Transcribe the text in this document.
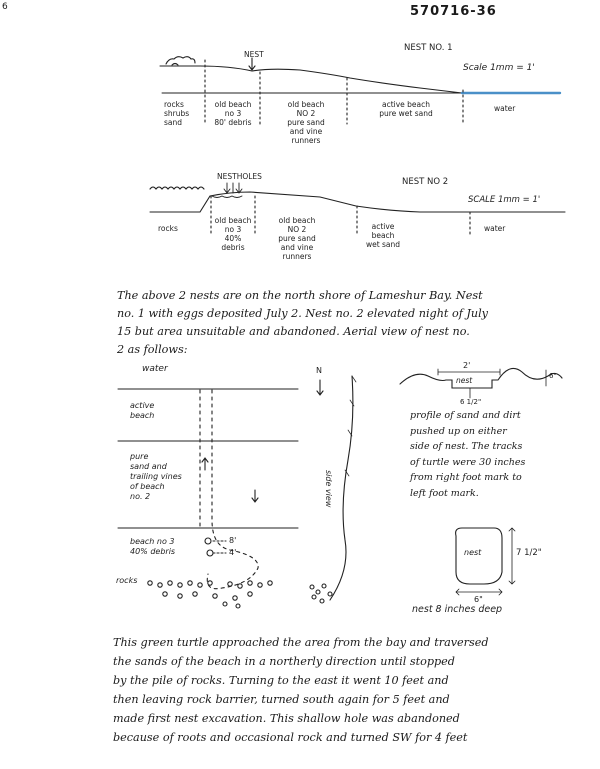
6	570716-36
NEST
NEST NO. 1
Scale 1mm = 1'
rocks
shrubs
sand
old beach
no 3
80' debris
old beach
NO 2
pure sand
and vine
runners
active beach
pure wet sand
water
NESTHOLES
NEST NO 2
SCALE 1mm = 1'
rocks
old beach
no 3
40%
debris
old beach
NO 2
pure sand
and vine
runners
active
beach
wet sand
water
The above 2 nests are on the north shore of Lameshur Bay. Nest
no. 1 with eggs deposited July 2. Nest no. 2 elevated night of July
15 but area unsuitable and abandoned. Aerial view of nest no.
2 as follows:
N
water
active
beach
pure
sand and
trailing vines
of beach
no. 2
beach no 3
40% debris
rocks
8'
4'
side view
2'
nest	6"
6 1/2"
profile of sand and dirt
pushed up on either
side of nest. The tracks
of turtle were 30 inches
from right foot mark to
left foot mark.
nest	7 1/2"
6"
nest 8 inches deep
This green turtle approached the area from the bay and traversed
the sands of the beach in a northerly direction until stopped
by the pile of rocks. Turning to the east it went 10 feet and
then leaving rock barrier, turned south again for 5 feet and
made first nest excavation. This shallow hole was abandoned
because of roots and occasional rock and turned SW for 4 feet
